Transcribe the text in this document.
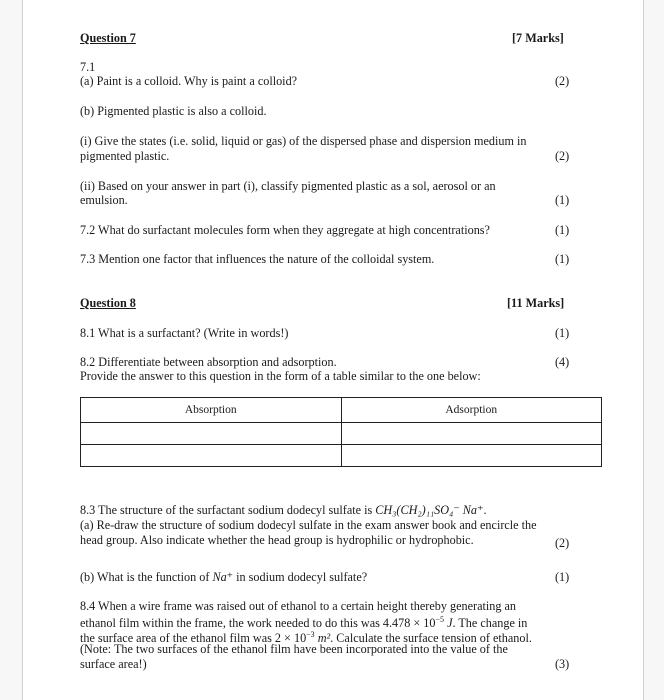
Question 7	[7 Marks]
7.1
(a) Paint is a colloid. Why is paint a colloid?	(2)
(b) Pigmented plastic is also a colloid.
(i) Give the states (i.e. solid, liquid or gas) of the dispersed phase and dispersion medium in
pigmented plastic.	(2)
(ii) Based on your answer in part (i), classify pigmented plastic as a sol, aerosol or an
emulsion.	(1)
7.2 What do surfactant molecules form when they aggregate at high concentrations?	(1)
7.3 Mention one factor that influences the nature of the colloidal system.	(1)
Question 8	[11 Marks]
8.1 What is a surfactant? (Write in words!)	(1)
8.2 Differentiate between absorption and adsorption.	(4)
Provide the answer to this question in the form of a table similar to the one below:
Absorption	Adsorption

8.3 The structure of the surfactant sodium dodecyl sulfate is CH₃(CH₂)₁₁SO₄⁻ Na⁺.
(a) Re-draw the structure of sodium dodecyl sulfate in the exam answer book and encircle the
head group. Also indicate whether the head group is hydrophilic or hydrophobic.	(2)
(b) What is the function of Na⁺ in sodium dodecyl sulfate?	(1)
8.4 When a wire frame was raised out of ethanol to a certain height thereby generating an
ethanol film within the frame, the work needed to do this was $4.478 \times 10^{-5}$ J. The change in
the surface area of the ethanol film was $2 \times 10^{-3}$ m². Calculate the surface tension of ethanol.
(Note: The two surfaces of the ethanol film have been incorporated into the value of the
surface area!)	(3)
